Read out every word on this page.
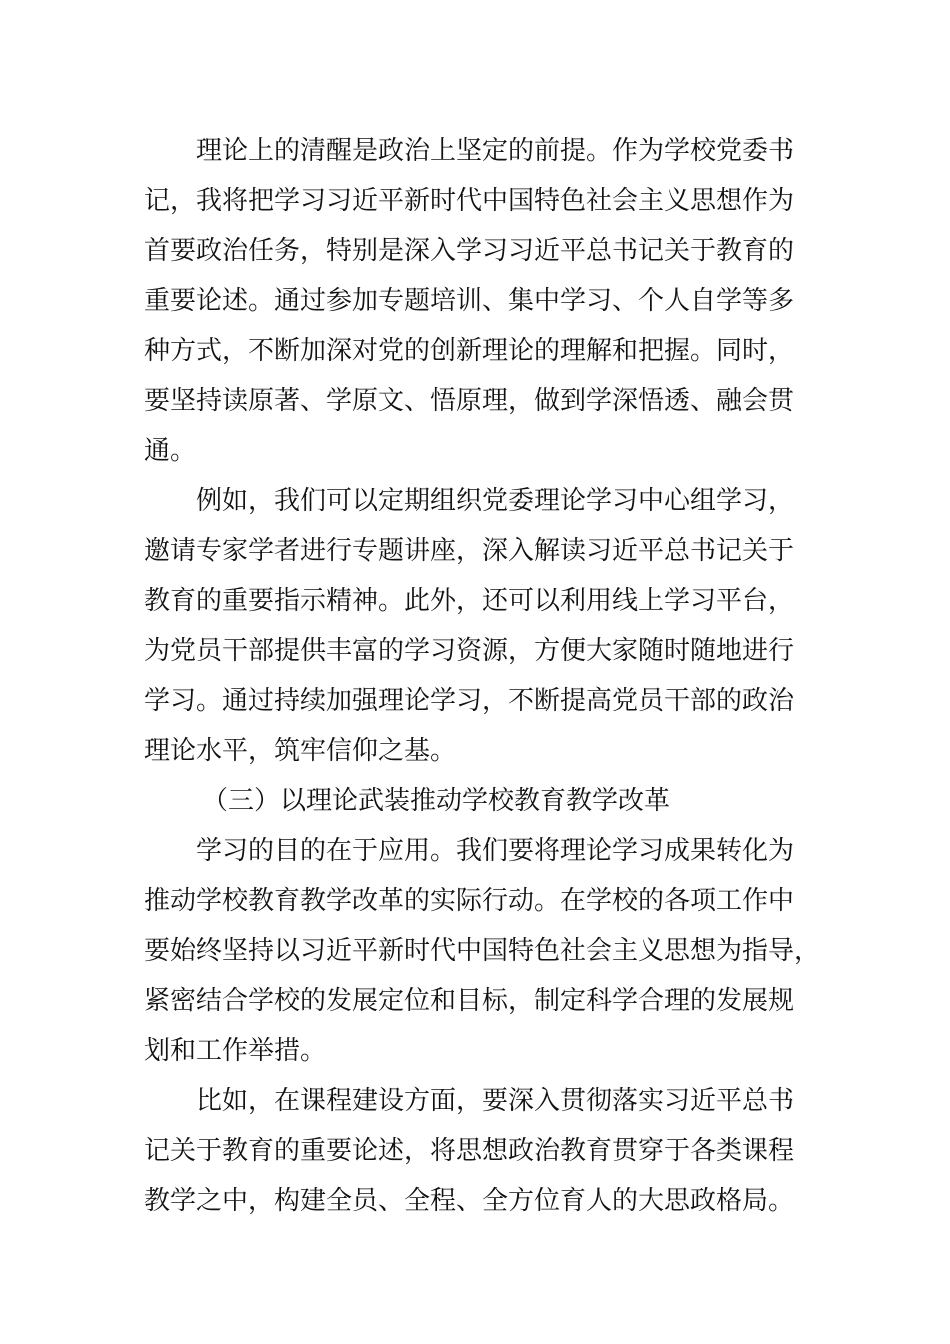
理论上的清醒是政治上坚定的前提。作为学校党委书
记，我将把学习习近平新时代中国特色社会主义思想作为
首要政治任务，特别是深入学习习近平总书记关于教育的
重要论述。通过参加专题培训、集中学习、个人自学等多
种方式，不断加深对党的创新理论的理解和把握。同时，
要坚持读原著、学原文、悟原理，做到学深悟透、融会贯
通。
例如，我们可以定期组织党委理论学习中心组学习，
邀请专家学者进行专题讲座，深入解读习近平总书记关于
教育的重要指示精神。此外，还可以利用线上学习平台，
为党员干部提供丰富的学习资源，方便大家随时随地进行
学习。通过持续加强理论学习，不断提高党员干部的政治
理论水平，筑牢信仰之基。
（三）以理论武装推动学校教育教学改革
学习的目的在于应用。我们要将理论学习成果转化为
推动学校教育教学改革的实际行动。在学校的各项工作中
要始终坚持以习近平新时代中国特色社会主义思想为指导，
紧密结合学校的发展定位和目标，制定科学合理的发展规
划和工作举措。
比如，在课程建设方面，要深入贯彻落实习近平总书
记关于教育的重要论述，将思想政治教育贯穿于各类课程
教学之中，构建全员、全程、全方位育人的大思政格局。
